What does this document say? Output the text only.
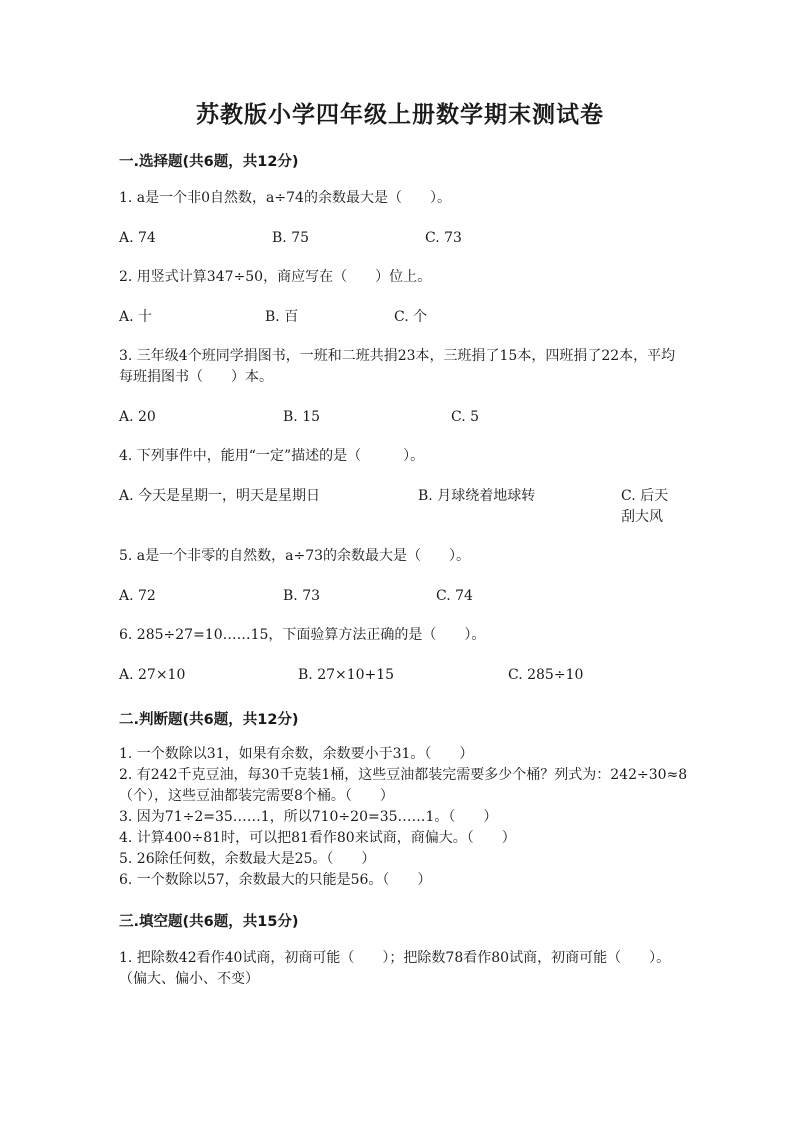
苏教版小学四年级上册数学期末测试卷
一.选择题(共6题，共12分)
1. a是一个非0自然数，a÷74的余数最大是（　　）。
A. 74	B. 75	C. 73
2. 用竖式计算347÷50，商应写在（　　）位上。
A. 十	B. 百	C. 个
3. 三年级4个班同学捐图书，一班和二班共捐23本，三班捐了15本，四班捐了22本，平均每班捐图书（　　）本。
A. 20	B. 15	C. 5
4. 下列事件中，能用“一定”描述的是（　　　）。
A. 今天是星期一，明天是星期日	B. 月球绕着地球转	C. 后天刮大风
5. a是一个非零的自然数，a÷73的余数最大是（　　）。
A. 72	B. 73	C. 74
6. 285÷27=10……15，下面验算方法正确的是（　　）。
A. 27×10	B. 27×10+15	C. 285÷10
二.判断题(共6题，共12分)
1. 一个数除以31，如果有余数，余数要小于31。（　　）
2. 有242千克豆油，每30千克装1桶，这些豆油都装完需要多少个桶？列式为：242÷30≈8（个），这些豆油都装完需要8个桶。（　　）
3. 因为71÷2=35……1，所以710÷20=35……1。（　　）
4. 计算400÷81时，可以把81看作80来试商，商偏大。（　　）
5. 26除任何数，余数最大是25。（　　）
6. 一个数除以57，余数最大的只能是56。（　　）
三.填空题(共6题，共15分)
1. 把除数42看作40试商，初商可能（　　）；把除数78看作80试商，初商可能（　　）。（偏大、偏小、不变）
